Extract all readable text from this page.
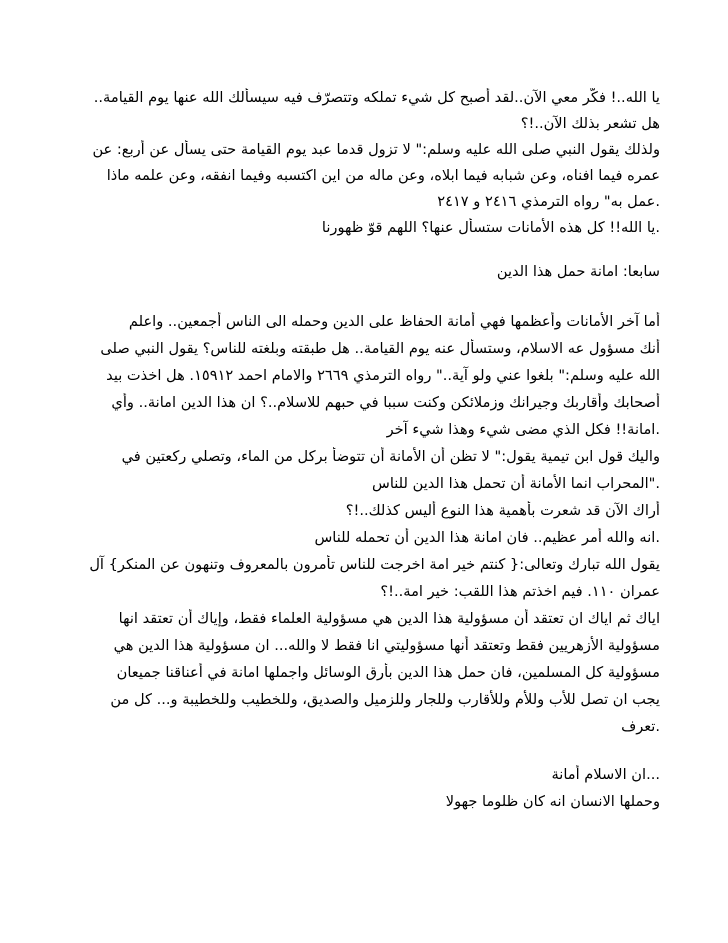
يا الله..! فكّر معي الآن..لقد أصبح كل شيء تملكه وتتصرّف فيه سيسألك الله عنها يوم القيامة..
هل تشعر بذلك الآن..!؟
ولذلك يقول النبي صلى الله عليه وسلم:" لا تزول قدما عبد يوم القيامة حتى يسأل عن أربع: عن
عمره فيما افناه، وعن شبابه فيما ابلاه، وعن ماله من اين اكتسبه وفيما انفقه، وعن علمه ماذا
.عمل به" رواه الترمذي ٢٤١٦ و ٢٤١٧
.يا الله!! كل هذه الأمانات ستسأل عنها؟ اللهم قوّ ظهورنا
سابعا: امانة حمل هذا الدين
أما آخر الأمانات وأعظمها فهي أمانة الحفاظ على الدين وحمله الى الناس أجمعين.. واعلم
أنك مسؤول عه الاسلام، وستسأل عنه يوم القيامة.. هل طبقته وبلغته للناس؟ يقول النبي صلى
الله عليه وسلم:" بلغوا عني ولو آية.." رواه الترمذي ٢٦٦٩ والامام احمد ١٥٩١٢. هل اخذت بيد
أصحابك وأقاربك وجيرانك وزملائكن وكنت سببا في حبهم للاسلام..؟ ان هذا الدين امانة.. وأي
.امانة!! فكل الذي مضى شيء وهذا شيء آخر
واليك قول ابن تيمية يقول:" لا تظن أن الأمانة أن تتوضأ بركل من الماء، وتصلي ركعتين في
."المحراب انما الأمانة أن تحمل هذا الدين للناس
أراك الآن قد شعرت بأهمية هذا النوع أليس كذلك..!؟
.انه والله أمر عظيم.. فان امانة هذا الدين أن تحمله للناس
يقول الله تبارك وتعالى:{ كنتم خير امة اخرجت للناس تأمرون بالمعروف وتنهون عن المنكر} آل
عمران ١١٠. فيم اخذتم هذا اللقب: خير امة..!؟
اياك ثم اياك ان تعتقد أن مسؤولية هذا الدين هي مسؤولية العلماء فقط، وإياك أن تعتقد انها
مسؤولية الأزهريين فقط وتعتقد أنها مسؤوليتي انا فقط لا والله... ان مسؤولية هذا الدين هي
مسؤولية كل المسلمين، فان حمل هذا الدين بأرق الوسائل واجملها امانة في أعناقنا جميعان
يجب ان تصل للأب وللأم وللأقارب وللجار وللزميل والصديق، وللخطيب وللخطيبة و... كل من
.تعرف
...ان الاسلام أمانة
وحملها الانسان انه كان ظلوما جهولا
